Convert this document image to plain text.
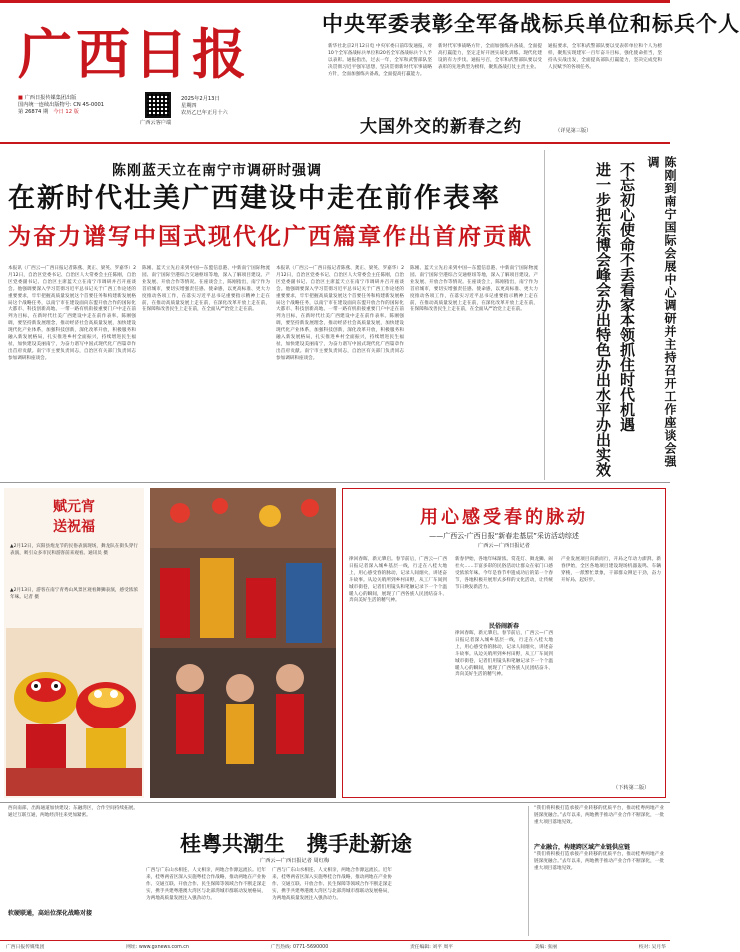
广西日报
■ 广西日报传媒集团出版
国内统一连续出版物号: CN 45-0001
第 26874 期　 今日 12 版
广西云客户端
2025年2月13日
星期四
农历乙巳年正月十六
中央军委表彰全军备战标兵单位和标兵个人
新华社北京2月12日电 中央军委日前印发通报，对10个全军备战标兵单位和20名全军备战标兵个人予以表彰。通报指出，过去一年，全军和武警部队坚决贯彻习近平强军思想，坚决贯彻新时代军事战略方针，全面加强练兵备战，全面提高打赢能力。
新时代军事战略方针，全面加强练兵备战，全面提高打赢能力，坚定走好开展实战化训练、现代化建设的有力步伐。通报号召，全军和武警部队要以受表彰的先进典型为榜样，聚焦备战打仗主责主业。
通报要求，全军和武警部队要以受表彰单位和个人为榜样，聚焦实现建军一百年奋斗目标，强化使命担当，坚持从实战出发，全面提高部队打赢能力，坚决完成党和人民赋予的各项任务。
大国外交的新春之约	（详见第三版）
陈刚蓝天立在南宁市调研时强调
在新时代壮美广西建设中走在前作表率
为奋力谱写中国式现代化广西篇章作出首府贡献
本报讯（广西云—广西日报记者陈燕、龚正、梁英、罗嘉华）2月12日，自治区党委书记、自治区人大常委会主任陈刚，自治区党委副书记、自治区主席蓝天立在南宁市调研并召开座谈会。他强调要深入学习贯彻习近平总书记关于广西工作论述的重要要求，牢牢把握高质量发展这个首要任务和构建新发展格局这个战略任务，以南宁市在建设面向东盟开放合作的国际化大都市、科技创新高地、一带一路有机衔接重要门户中走在前列为目标，在新时代壮美广西建设中走在前作表率。陈刚强调，要坚持新发展理念，推动经济社会高质量发展，加快建设现代化产业体系，加强科技创新，深化改革开放，积极服务和融入新发展格局，扎实推进乡村全面振兴，持续增进民生福祉，加快建设美丽南宁，为奋力谱写中国式现代化广西篇章作出首府贡献。南宁市主要负责同志，自治区有关部门负责同志参加调研和座谈会。
陈刚、蓝天立先后来到中国—东盟信息港、中新南宁国际物流园、南宁国际空港综合交通枢纽等地，深入了解项目建设、产业发展、开放合作等情况。在座谈会上，陈刚指出，南宁作为首府城市，要切实增强责任感、使命感，以更高标准、更大力度推动各项工作，在落实习近平总书记重要指示精神上走在前，在推动高质量发展上走在前，在深化改革开放上走在前，在保障和改善民生上走在前，在全面从严治党上走在前。
本报讯（广西云—广西日报记者陈燕、龚正、梁英、罗嘉华）2月12日，自治区党委书记、自治区人大常委会主任陈刚，自治区党委副书记、自治区主席蓝天立在南宁市调研并召开座谈会。他强调要深入学习贯彻习近平总书记关于广西工作论述的重要要求，牢牢把握高质量发展这个首要任务和构建新发展格局这个战略任务，以南宁市在建设面向东盟开放合作的国际化大都市、科技创新高地、一带一路有机衔接重要门户中走在前列为目标，在新时代壮美广西建设中走在前作表率。陈刚强调，要坚持新发展理念，推动经济社会高质量发展，加快建设现代化产业体系，加强科技创新，深化改革开放，积极服务和融入新发展格局，扎实推进乡村全面振兴，持续增进民生福祉，加快建设美丽南宁，为奋力谱写中国式现代化广西篇章作出首府贡献。南宁市主要负责同志，自治区有关部门负责同志参加调研和座谈会。
陈刚、蓝天立先后来到中国—东盟信息港、中新南宁国际物流园、南宁国际空港综合交通枢纽等地，深入了解项目建设、产业发展、开放合作等情况。在座谈会上，陈刚指出，南宁作为首府城市，要切实增强责任感、使命感，以更高标准、更大力度推动各项工作，在落实习近平总书记重要指示精神上走在前，在推动高质量发展上走在前，在深化改革开放上走在前，在保障和改善民生上走在前，在全面从严治党上走在前。	陈刚到南宁国际会展中心调研并主持召开工作座谈会强调
不忘初心使命不丢看家本领抓住时代机遇
进一步把东博会峰会办出特色办出水平办出实效
赋元宵
送祝福
▲2月12日，宾阳县炮龙节的民俗表演现场，舞龙队在街头穿行表演，吸引众多市民和游客前来观看。通讯员 摄
▲2月13日，游客在南宁青秀山风景区观看舞狮表演，感受浓浓年味。记者 摄
用心感受春的脉动
——广西云-广西日报“新春走基层”采访活动综述
广西云—广西日报记者
律回春晖，新元肇启。春节前后，广西云—广西日报记者深入城乡基层一线，行走在八桂大地上，用心感受春的脉动，记录人间烟火，讲述奋斗故事。从边关哨所到乡村田野，从工厂车间到城市街巷，记者们用镜头和笔触记录下一个个温暖人心的瞬间，展现了广西各族人民团结奋斗、奔向美好生活的精气神。
新春伊始，各地年味渐浓。赏花灯、舞龙狮、闹社火……丰富多彩的民俗活动让群众在家门口感受浓浓年味。今年是春节申遗成功后的第一个春节，各地积极开展形式多样的文化活动，让传统节日焕发新活力。
民俗闹新春
律回春晖，新元肇启。春节前后，广西云—广西日报记者深入城乡基层一线，行走在八桂大地上，用心感受春的脉动，记录人间烟火，讲述奋斗故事。从边关哨所到乡村田野，从工厂车间到城市街巷，记者们用镜头和笔触记录下一个个温暖人心的瞬间，展现了广西各族人民团结奋斗、奔向美好生活的精气神。
产业发展项目向新而行，开局之年动力澎湃。新春伊始，全区各地项目建设现场机器轰鸣、车辆穿梭，一派繁忙景象，干部群众铆足干劲，奋力开好局、起好步。
（下转第二版）
西向南部，出海通道加快建设；东融湾区，合作空间持续拓展。通过互联互通，两地经济往来更加紧密。
软硬联通，高站位深化战略对接
桂粤共潮生   携手赴新途
广西云—广西日报记者 周红梅
广西与广东山水相连、人文相亲，两地合作源远流长。近年来，桂粤两省区深入实施粤桂合作战略，推动两地在产业协作、交通互联、开放合作、民生保障等领域合作不断走深走实，携手共建粤港澳大湾区与北部湾城市群联动发展格局，为两地高质量发展注入强劲动力。
广西与广东山水相连、人文相亲，两地合作源远流长。近年来，桂粤两省区深入实施粤桂合作战略，推动两地在产业协作、交通互联、开放合作、民生保障等领域合作不断走深走实，携手共建粤港澳大湾区与北部湾城市群联动发展格局，为两地高质量发展注入强劲动力。
“我们将积极打造承接产业转移的优质平台，推动桂粤两地产业链深度融合。”去年以来，两地携手推动产业合作不断深化，一批重大项目落地见效。
产业融合，构建跨区域产业链供应链
“我们将积极打造承接产业转移的优质平台，推动桂粤两地产业链深度融合。”去年以来，两地携手推动产业合作不断深化，一批重大项目落地见效。
广西日报传媒集团	网址: www.gxnews.com.cn	广告热线: 0771-5690000	责任编辑: 刘平 周平	美编: 张丽	校对: 吴月华
